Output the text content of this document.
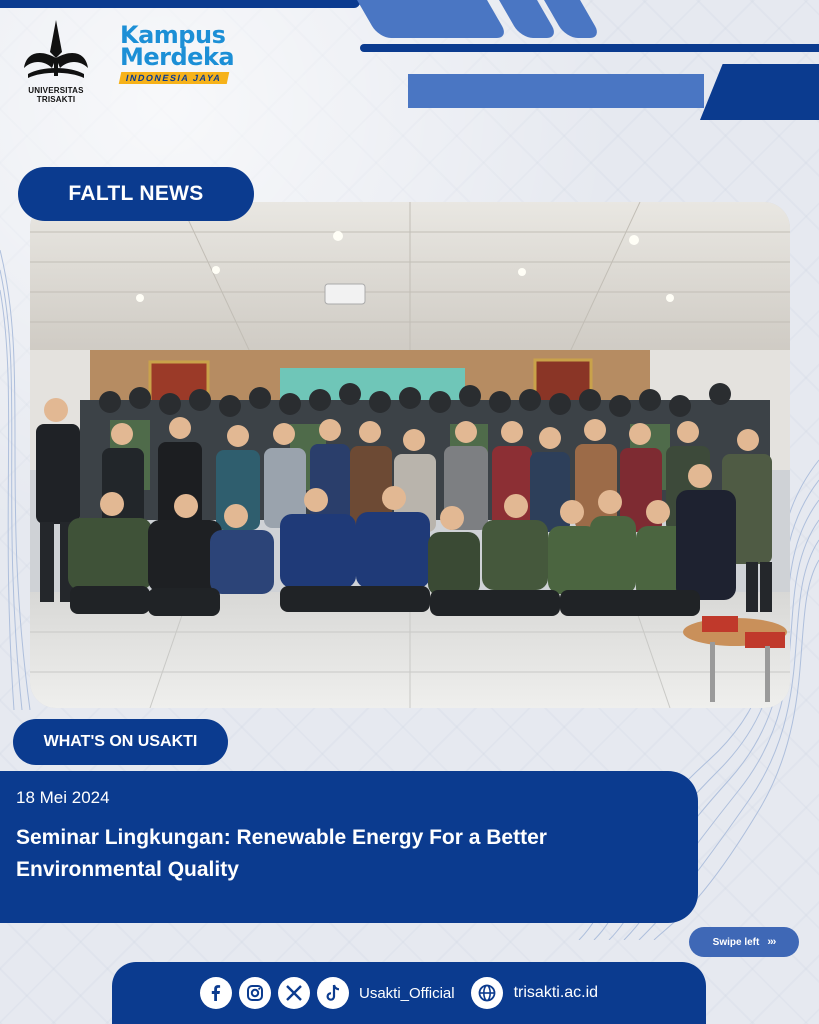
UNIVERSITAS TRISAKTI
Kampus
Merdeka
INDONESIA JAYA
FALTL NEWS
WHAT'S ON USAKTI
18 Mei 2024
Seminar Lingkungan: Renewable Energy For a Better Environmental Quality
Swipe left ›››
Usakti_Official	trisakti.ac.id
